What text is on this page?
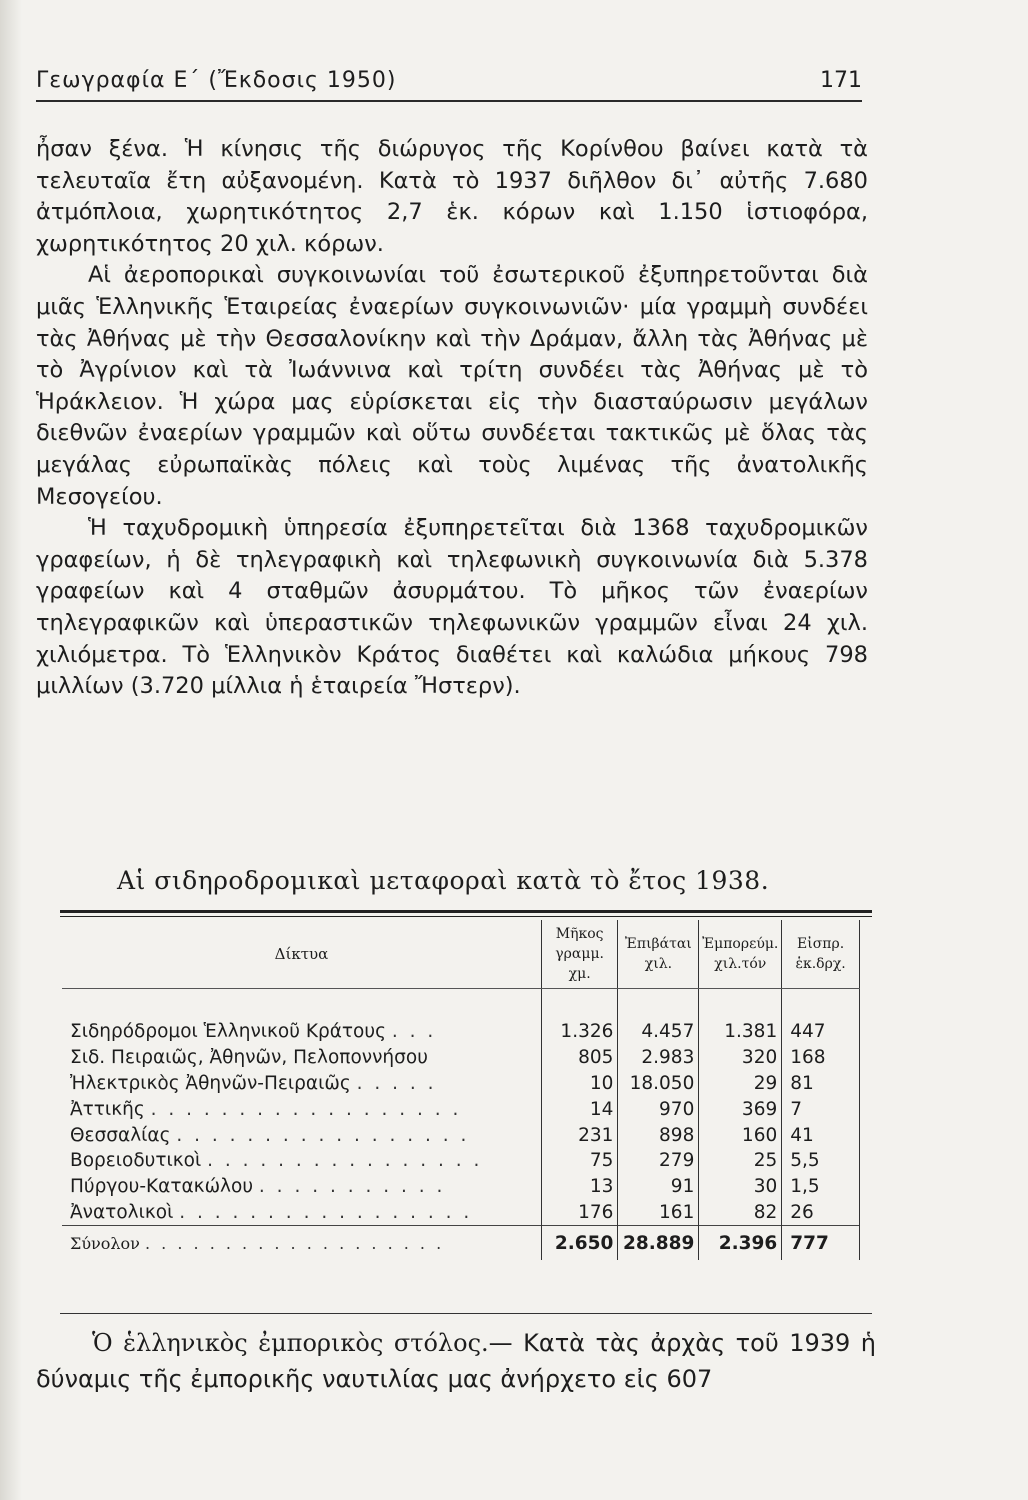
Γεωγραφία Ε΄ (Ἔκδοσις 1950)	171

ἦσαν ξένα. Ἡ κίνησις τῆς διώρυγος τῆς Κορίνθου βαίνει κατὰ τὰ τελευταῖα ἔτη αὐξανομένη. Κατὰ τὸ 1937 διῆλθον δι᾿ αὐτῆς 7.680 ἀτμόπλοια, χωρητικότητος 2,7 ἑκ. κόρων καὶ 1.150 ἱστιοφόρα, χωρητικότητος 20 χιλ. κόρων.

Αἱ ἀεροπορικαὶ συγκοινωνίαι τοῦ ἐσωτερικοῦ ἐξυπηρετοῦνται διὰ μιᾶς Ἑλληνικῆς Ἑταιρείας ἐναερίων συγκοινωνιῶν· μία γραμμὴ συνδέει τὰς Ἀθήνας μὲ τὴν Θεσσαλονίκην καὶ τὴν Δράμαν, ἄλλη τὰς Ἀθήνας μὲ τὸ Ἀγρίνιον καὶ τὰ Ἰωάννινα καὶ τρίτη συνδέει τὰς Ἀθήνας μὲ τὸ Ἡράκλειον. Ἡ χώρα μας εὑρίσκεται εἰς τὴν διασταύρωσιν μεγάλων διεθνῶν ἐναερίων γραμμῶν καὶ οὕτω συνδέεται τακτικῶς μὲ ὅλας τὰς μεγάλας εὐρωπαϊκὰς πόλεις καὶ τοὺς λιμένας τῆς ἀνατολικῆς Μεσογείου.

Ἡ ταχυδρομικὴ ὑπηρεσία ἐξυπηρετεῖται διὰ 1368 ταχυδρομικῶν γραφείων, ἡ δὲ τηλεγραφικὴ καὶ τηλεφωνικὴ συγκοινωνία διὰ 5.378 γραφείων καὶ 4 σταθμῶν ἀσυρμάτου. Τὸ μῆκος τῶν ἐναερίων τηλεγραφικῶν καὶ ὑπεραστικῶν τηλεφωνικῶν γραμμῶν εἶναι 24 χιλ. χιλιόμετρα. Τὸ Ἑλληνικὸν Κράτος διαθέτει καὶ καλώδια μήκους 798 μιλλίων (3.720 μίλλια ἡ ἑταιρεία Ἤστερν).

Αἱ σιδηροδρομικαὶ μεταφοραὶ κατὰ τὸ ἔτος 1938.
Δίκτυα	Μῆκος γραμμ. χμ.	Ἐπιβάται χιλ.	Ἐμπορεύμ. χιλ.τόν	Εἰσπρ. ἑκ.δρχ.

Σιδηρόδρομοι Ἑλληνικοῦ Κράτους . . .	1.326	4.457	1.381	447
Σιδ. Πειραιῶς, Ἀθηνῶν, Πελοποννήσου	805	2.983	320	168
Ἠλεκτρικὸς Ἀθηνῶν-Πειραιῶς . . . . .	10	18.050	29	81
Ἀττικῆς . . . . . . . . . . . . . . . . . .	14	970	369	7
Θεσσαλίας . . . . . . . . . . . . . . . . .	231	898	160	41
Βορειοδυτικοὶ . . . . . . . . . . . . . . . .	75	279	25	5,5
Πύργου-Κατακώλου . . . . . . . . . . .	13	91	30	1,5
Ἀνατολικοὶ . . . . . . . . . . . . . . . . .	176	161	82	26
Σύνολον . . . . . . . . . . . . . . . . . . .	2.650	28.889	2.396	777

Ὁ ἑλληνικὸς ἐμπορικὸς στόλος.— Κατὰ τὰς ἀρχὰς τοῦ 1939 ἡ δύναμις τῆς ἐμπορικῆς ναυτιλίας μας ἀνήρχετο εἰς 607
